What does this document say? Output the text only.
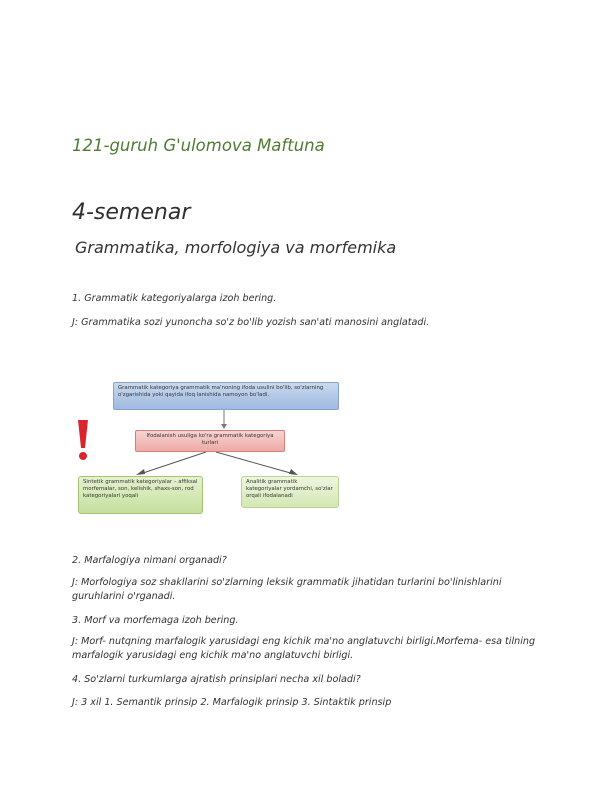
121-guruh G'ulomova Maftuna
4-semenar
Grammatika, morfologiya va morfemika
1. Grammatik kategoriyalarga izoh bering.
J: Grammatika sozi yunoncha so'z bo'lib yozish san'ati manosini anglatadi.
Grammatik kategoriya grammatik ma'noning ifoda usulini bo'lib, so'zlarning o'zgarishida yoki qayida ifoq lanishida namoyon bo'ladi.
Ifodalanish usuliga ko'ra grammatik kategoriya turlari
Sintetik grammatik kategoriyalar – affiksal morfemalar, son, kelishik, shaxs-son, rod kategoriyalari yoqali
Analitik grammatik kategoriyalar yordamchi, so'zlar orqali ifodalanadi
2. Marfalogiya nimani organadi?
J: Morfologiya soz shakllarini so'zlarning leksik grammatik jihatidan turlarini bo'linishlarini guruhlarini o'rganadi.
3. Morf va morfemaga izoh bering.
J: Morf- nutqning marfalogik yarusidagi eng kichik ma'no anglatuvchi birligi.Morfema- esa tilning marfalogik yarusidagi eng kichik ma'no anglatuvchi birligi.
4. So'zlarni turkumlarga ajratish prinsiplari necha xil boladi?
J: 3 xil 1. Semantik prinsip 2. Marfalogik prinsip 3. Sintaktik prinsip
